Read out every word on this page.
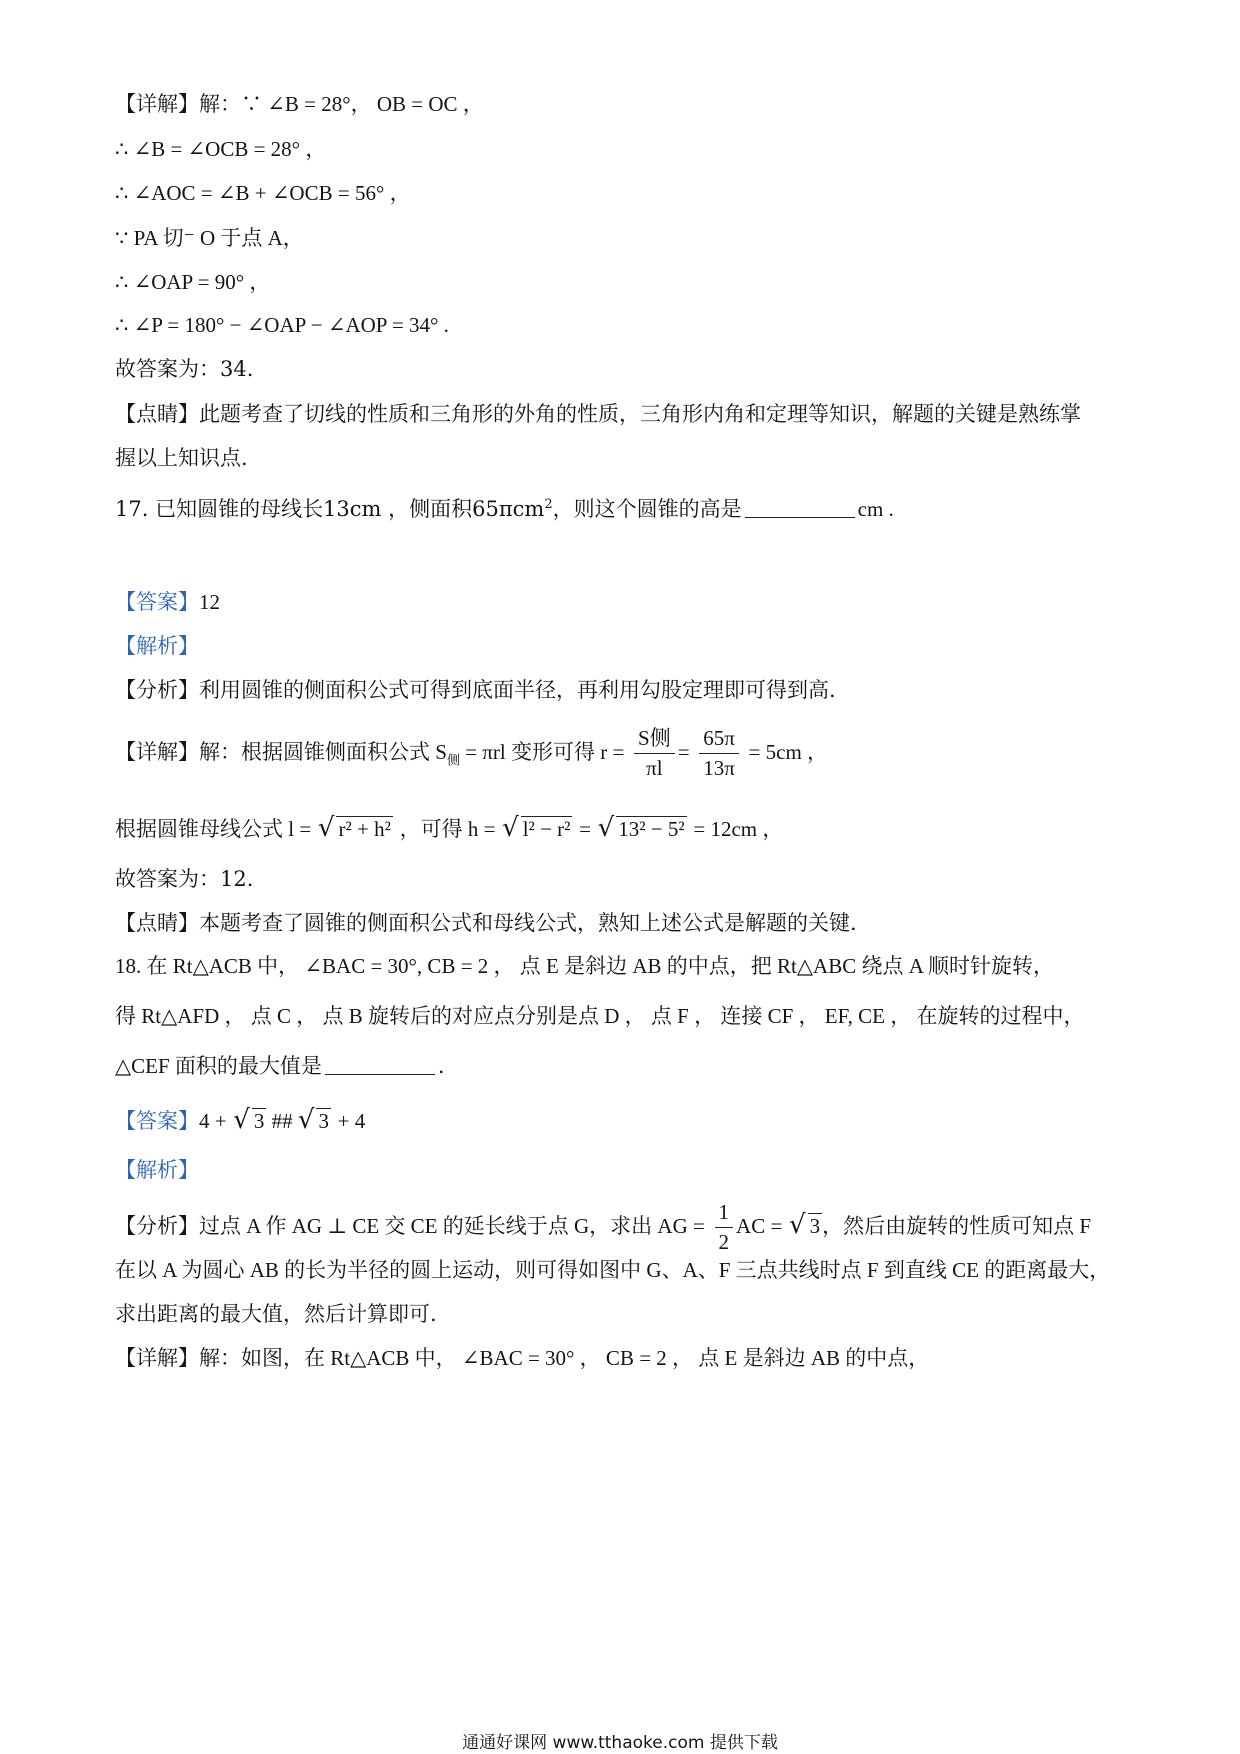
【详解】解：∵ ∠B = 28°， OB = OC ，
∴ ∠B = ∠OCB = 28° ，
∴ ∠AOC = ∠B + ∠OCB = 56° ，
∵ PA 切⁻ O 于点 A，
∴ ∠OAP = 90° ，
∴ ∠P = 180° − ∠OAP − ∠AOP = 34° .
故答案为：34.
【点睛】此题考查了切线的性质和三角形的外角的性质，三角形内角和定理等知识，解题的关键是熟练掌
握以上知识点.
17. 已知圆锥的母线长13cm ，侧面积65πcm$^2$，则这个圆锥的高是	cm .
【答案】12
【解析】
【分析】利用圆锥的侧面积公式可得到底面半径，再利用勾股定理即可得到高.
【详解】解：根据圆锥侧面积公式 $S_侧 = \pi rl$ 变形可得 $r = \frac{\text{S侧}}{\pi l} = \frac{65\pi}{13\pi} = 5cm$ ，
根据圆锥母线公式 l = √ r² + h² ，可得 h = √ l² − r² = √ 13² − 5² = 12cm ，
故答案为：12.
【点睛】本题考查了圆锥的侧面积公式和母线公式，熟知上述公式是解题的关键.
18. 在 Rt△ACB 中， ∠BAC = 30°, CB = 2 ， 点 E 是斜边 AB 的中点，把 Rt△ABC 绕点 A 顺时针旋转，
得 Rt△AFD ， 点 C ， 点 B 旋转后的对应点分别是点 D ， 点 F ， 连接 CF ， EF, CE ， 在旋转的过程中，
△CEF 面积的最大值是	.
【答案】4 + √ 3 ## √ 3 + 4
【解析】
【分析】过点 A 作 AG ⊥ CE 交 CE 的延长线于点 G，求出 AG = $\frac{1}{2}$ AC = √ 3，然后由旋转的性质可知点 F
在以 A 为圆心 AB 的长为半径的圆上运动，则可得如图中 G、A、F 三点共线时点 F 到直线 CE 的距离最大，
求出距离的最大值，然后计算即可.
【详解】解：如图，在 Rt△ACB 中， ∠BAC = 30° ， CB = 2 ， 点 E 是斜边 AB 的中点，
通通好课网 www.tthaoke.com 提供下载
